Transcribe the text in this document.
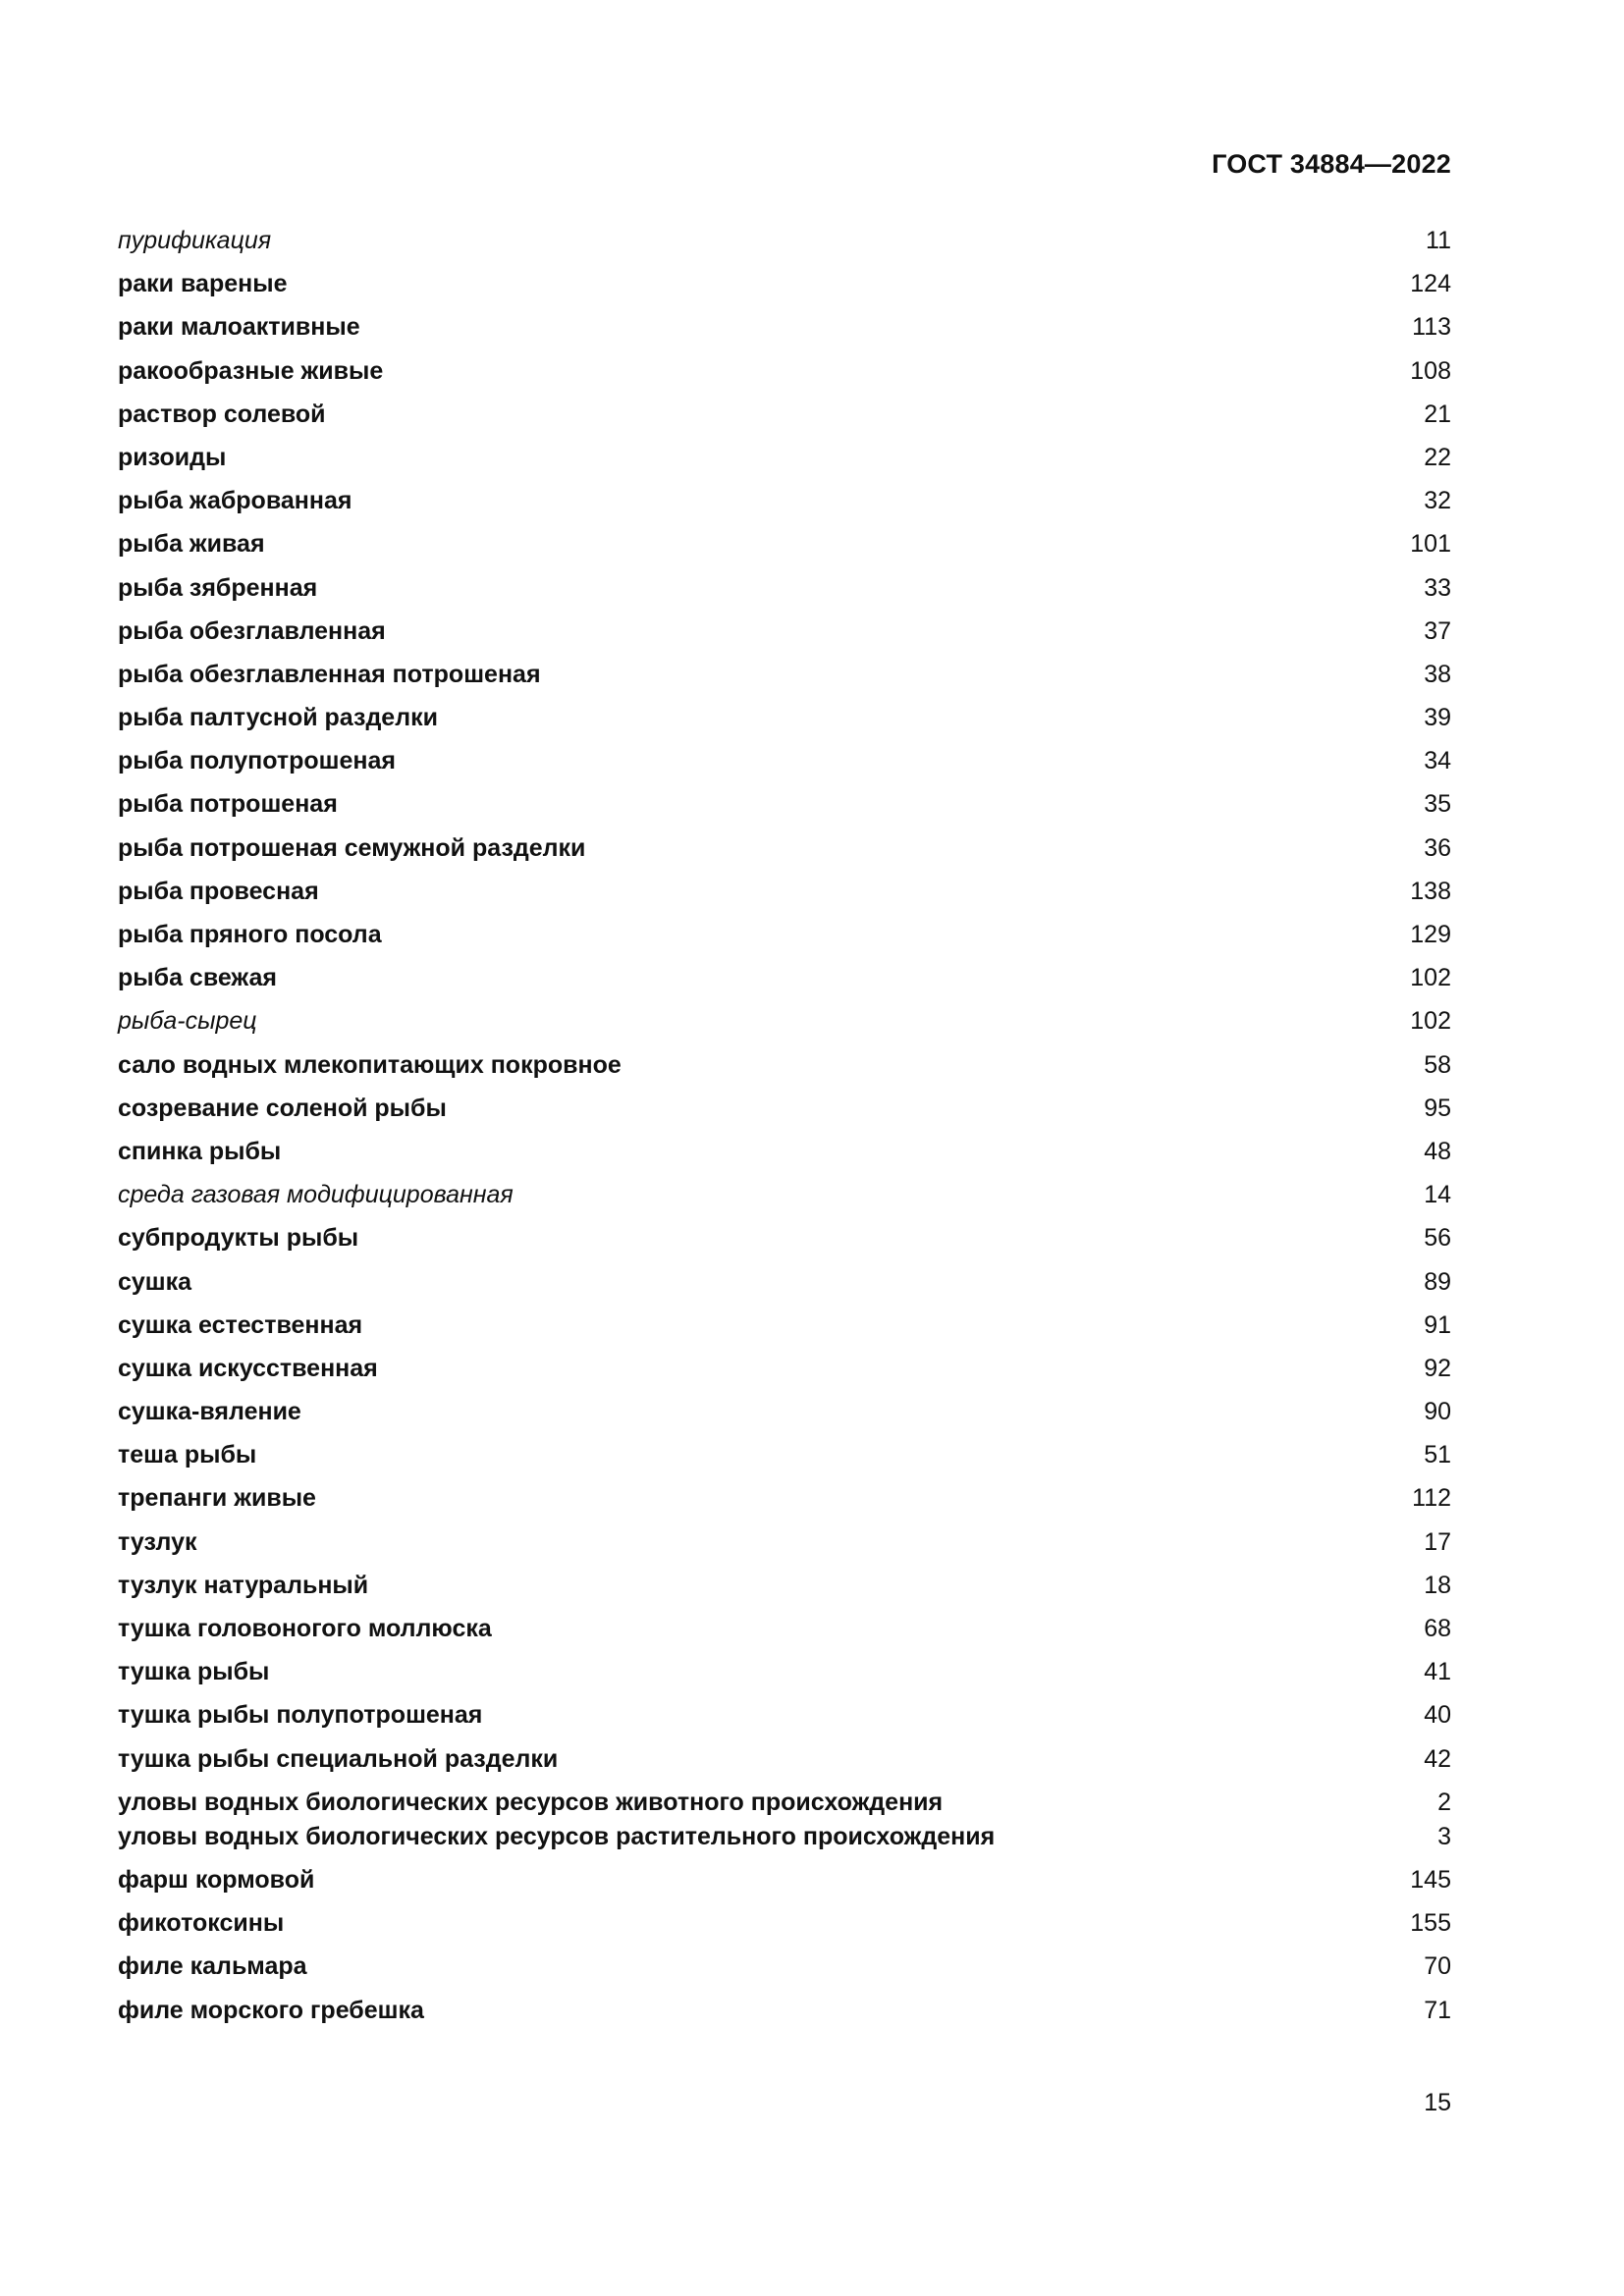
ГОСТ 34884—2022
пурификация	11
раки вареные	124
раки малоактивные	113
ракообразные живые	108
раствор солевой	21
ризоиды	22
рыба жаброванная	32
рыба живая	101
рыба зябренная	33
рыба обезглавленная	37
рыба обезглавленная потрошеная	38
рыба палтусной разделки	39
рыба полупотрошеная	34
рыба потрошеная	35
рыба потрошеная семужной разделки	36
рыба провесная	138
рыба пряного посола	129
рыба свежая	102
рыба-сырец	102
сало водных млекопитающих покровное	58
созревание соленой рыбы	95
спинка рыбы	48
среда газовая модифицированная	14
субпродукты рыбы	56
сушка	89
сушка естественная	91
сушка искусственная	92
сушка-вяление	90
теша рыбы	51
трепанги живые	112
тузлук	17
тузлук натуральный	18
тушка головоногого моллюска	68
тушка рыбы	41
тушка рыбы полупотрошеная	40
тушка рыбы специальной разделки	42
уловы водных биологических ресурсов животного происхождения	2
уловы водных биологических ресурсов растительного происхождения	3
фарш кормовой	145
фикотоксины	155
филе кальмара	70
филе морского гребешка	71
15
